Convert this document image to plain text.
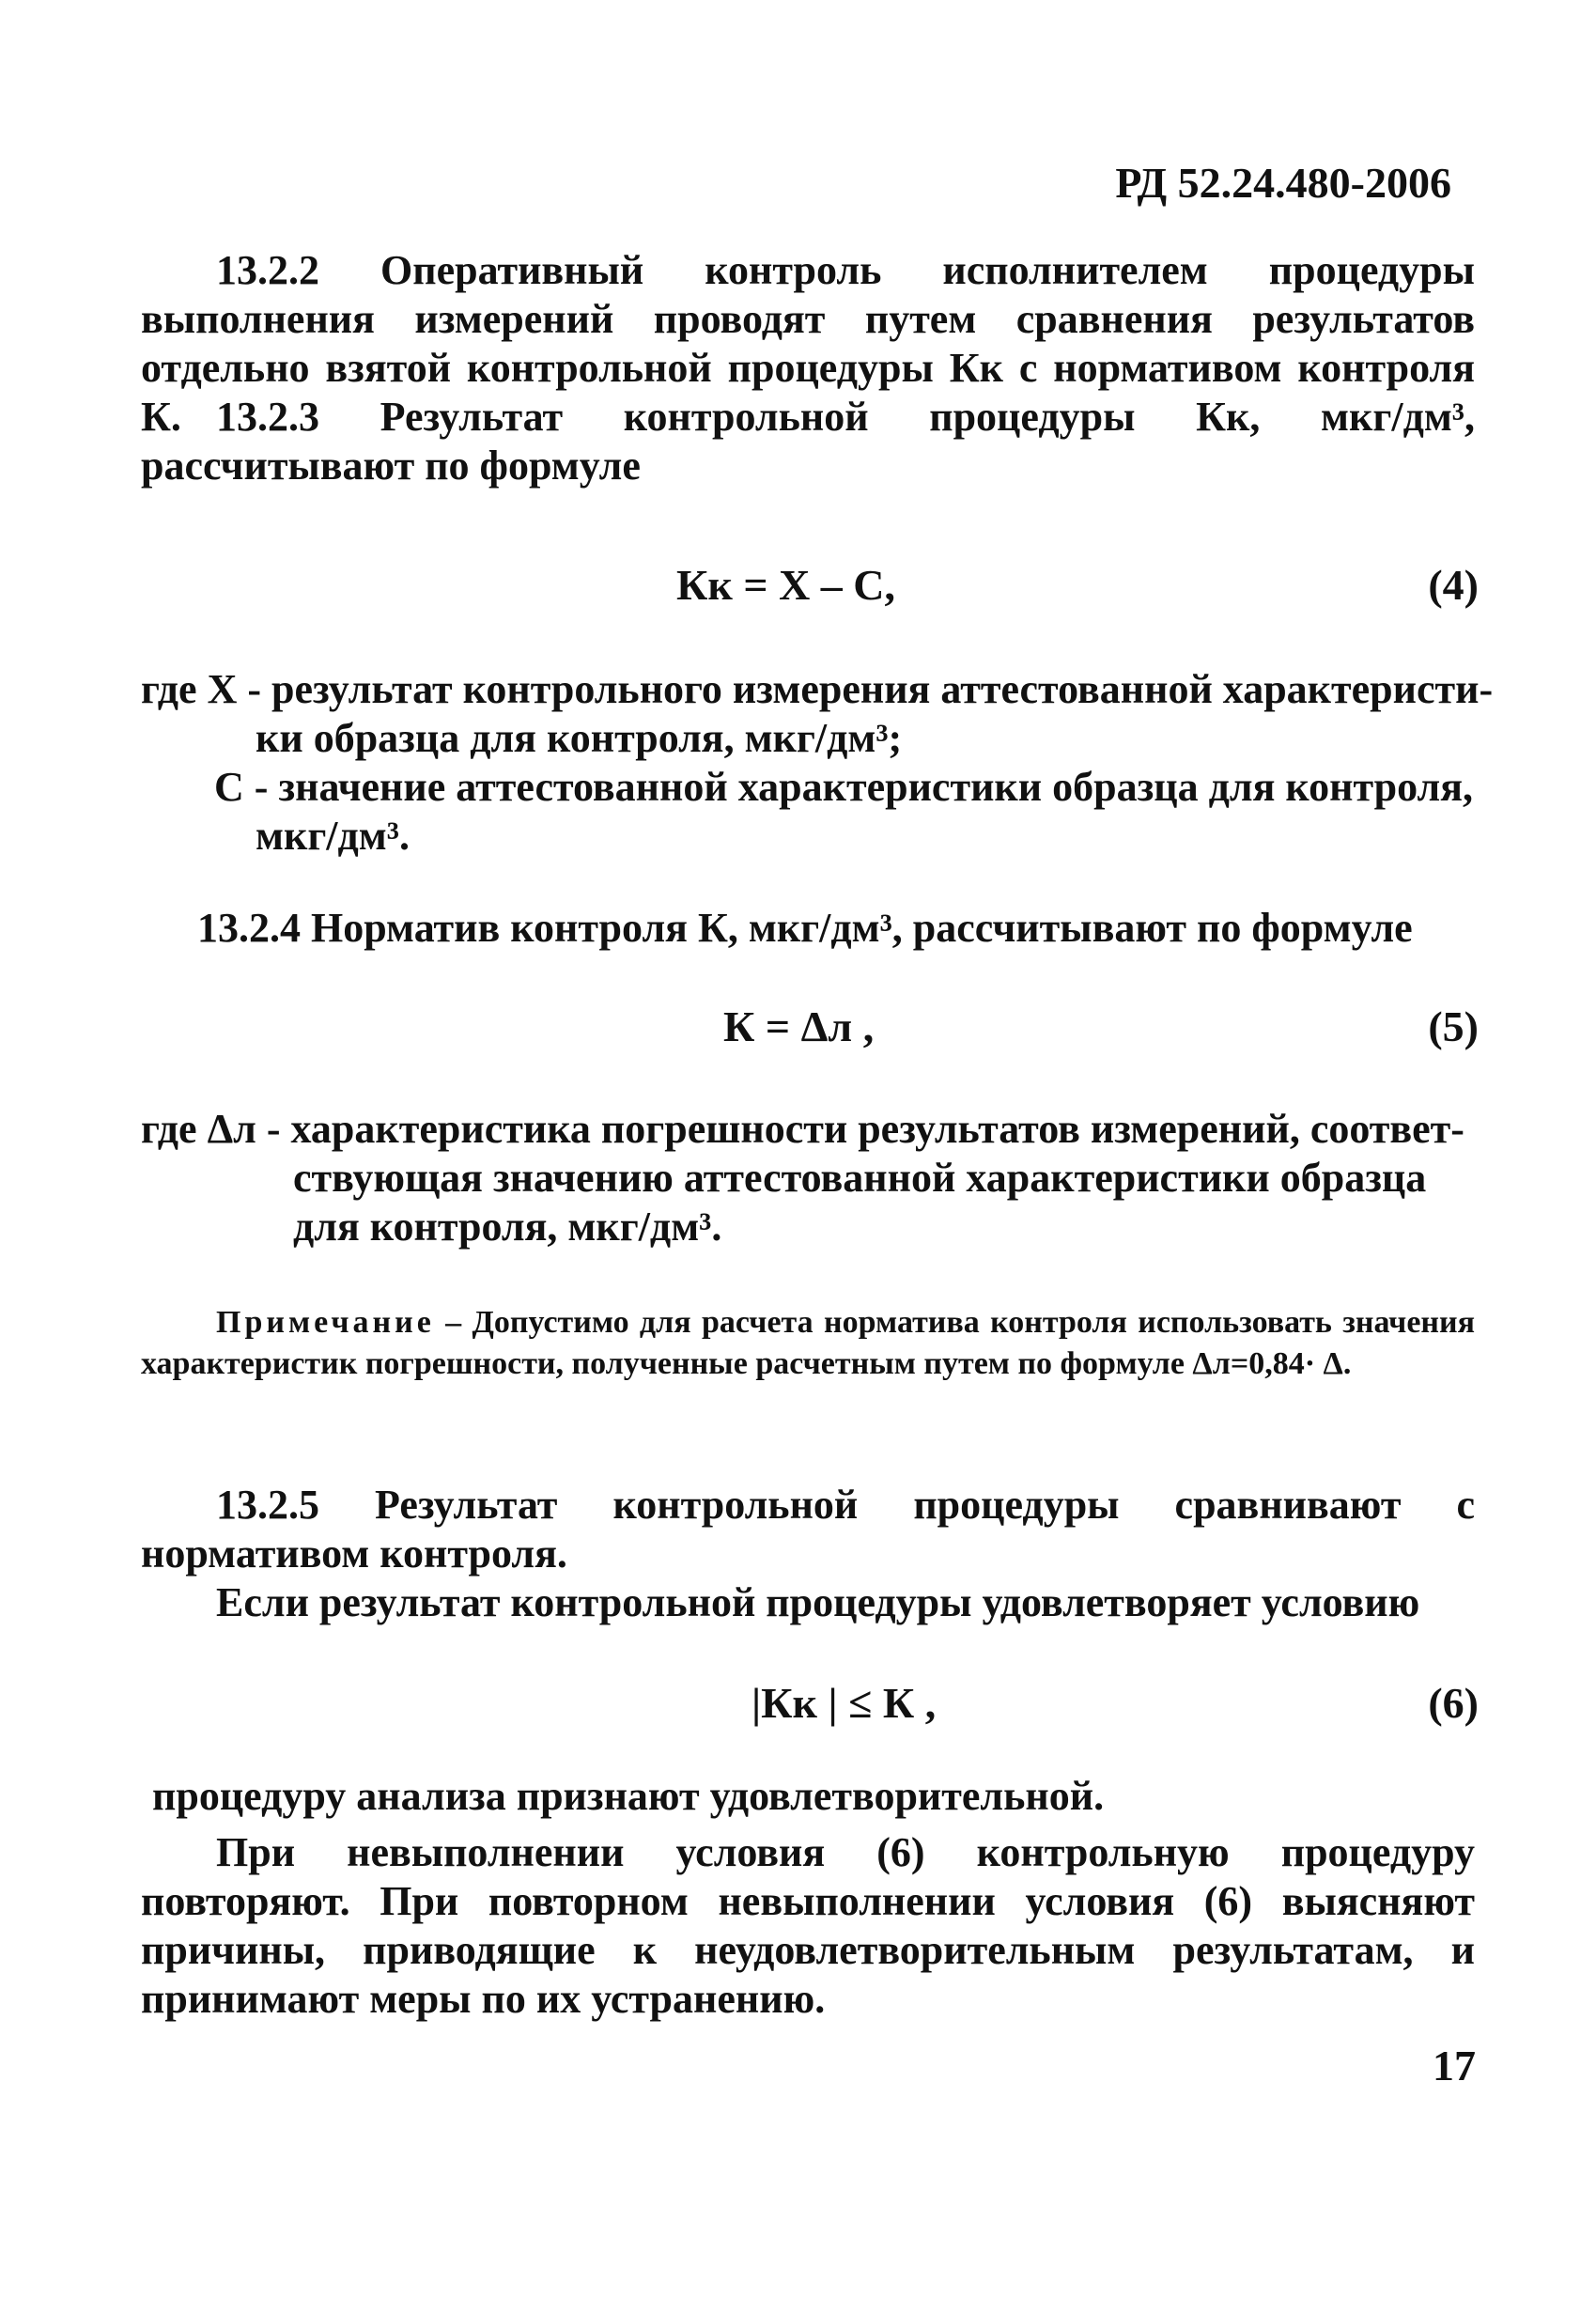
РД 52.24.480-2006

13.2.2 Оперативный контроль исполнителем процедуры выполнения измерений проводят путем сравнения результатов отдельно взятой контрольной процедуры Кк с нормативом контроля К. 13.2.3 Результат контрольной процедуры Кк, мкг/дм³, рассчитывают по формуле

Кк = Х – С,	(4)
где Х - результат контрольного измерения аттестованной характеристи-
ки образца для контроля, мкг/дм³;
С - значение аттестованной характеристики образца для контроля,
мкг/дм³.

13.2.4 Норматив контроля К, мкг/дм³, рассчитывают по формуле

К = Δл ,	(5)
где Δл - характеристика погрешности результатов измерений, соответ-
ствующая значению аттестованной характеристики образца
для контроля, мкг/дм³.

Примечание – Допустимо для расчета норматива контроля использовать значения характеристик погрешности, полученные расчетным путем по формуле Δл=0,84· Δ.

13.2.5 Результат контрольной процедуры сравнивают с нормативом контроля.

Если результат контрольной процедуры удовлетворяет условию

|Кк | ≤ К ,	(6)

процедуру анализа признают удовлетворительной.

При невыполнении условия (6) контрольную процедуру повторяют. При повторном невыполнении условия (6) выясняют причины, приводящие к неудовлетворительным результатам, и принимают меры по их устранению.

17
